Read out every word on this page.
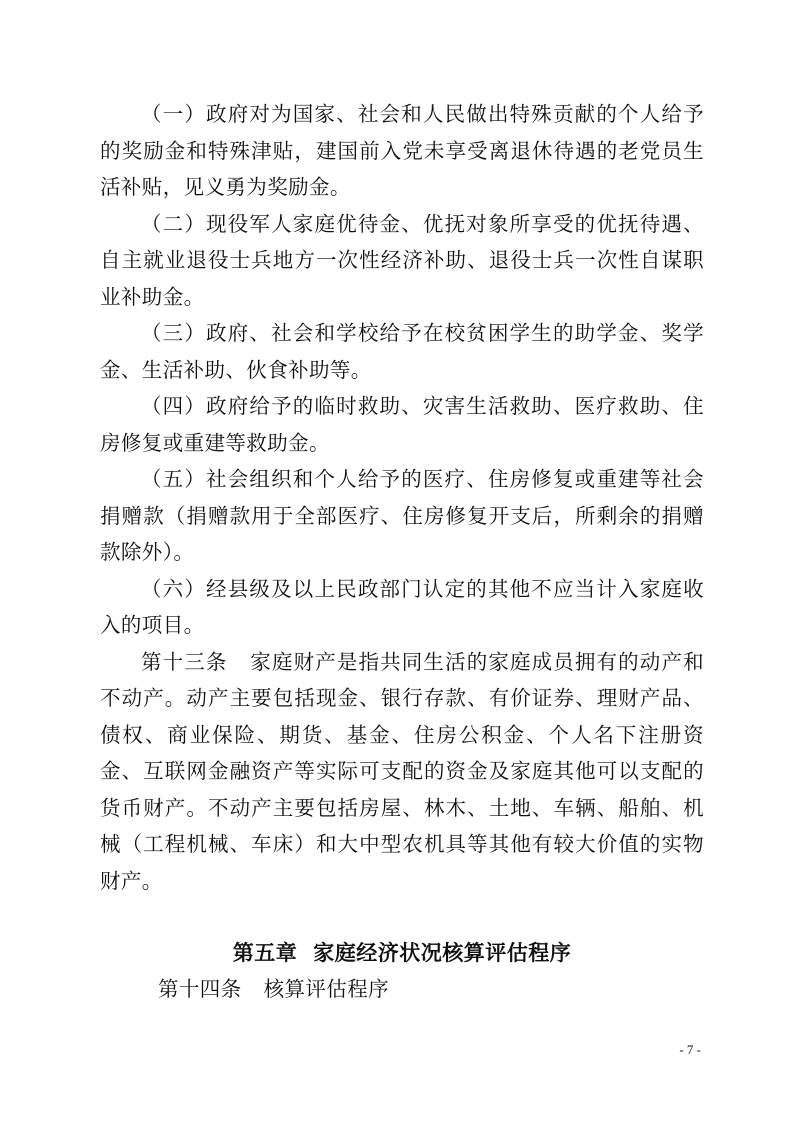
（一）政府对为国家、社会和人民做出特殊贡献的个人给予的奖励金和特殊津贴，建国前入党未享受离退休待遇的老党员生活补贴，见义勇为奖励金。

（二）现役军人家庭优待金、优抚对象所享受的优抚待遇、自主就业退役士兵地方一次性经济补助、退役士兵一次性自谋职业补助金。

（三）政府、社会和学校给予在校贫困学生的助学金、奖学金、生活补助、伙食补助等。

（四）政府给予的临时救助、灾害生活救助、医疗救助、住房修复或重建等救助金。

（五）社会组织和个人给予的医疗、住房修复或重建等社会捐赠款（捐赠款用于全部医疗、住房修复开支后，所剩余的捐赠款除外）。

（六）经县级及以上民政部门认定的其他不应当计入家庭收入的项目。

第十三条 家庭财产是指共同生活的家庭成员拥有的动产和不动产。动产主要包括现金、银行存款、有价证券、理财产品、债权、商业保险、期货、基金、住房公积金、个人名下注册资金、互联网金融资产等实际可支配的资金及家庭其他可以支配的货币财产。不动产主要包括房屋、林木、土地、车辆、船舶、机械（工程机械、车床）和大中型农机具等其他有较大价值的实物财产。

第五章 家庭经济状况核算评估程序

第十四条 核算评估程序

- 7 -
